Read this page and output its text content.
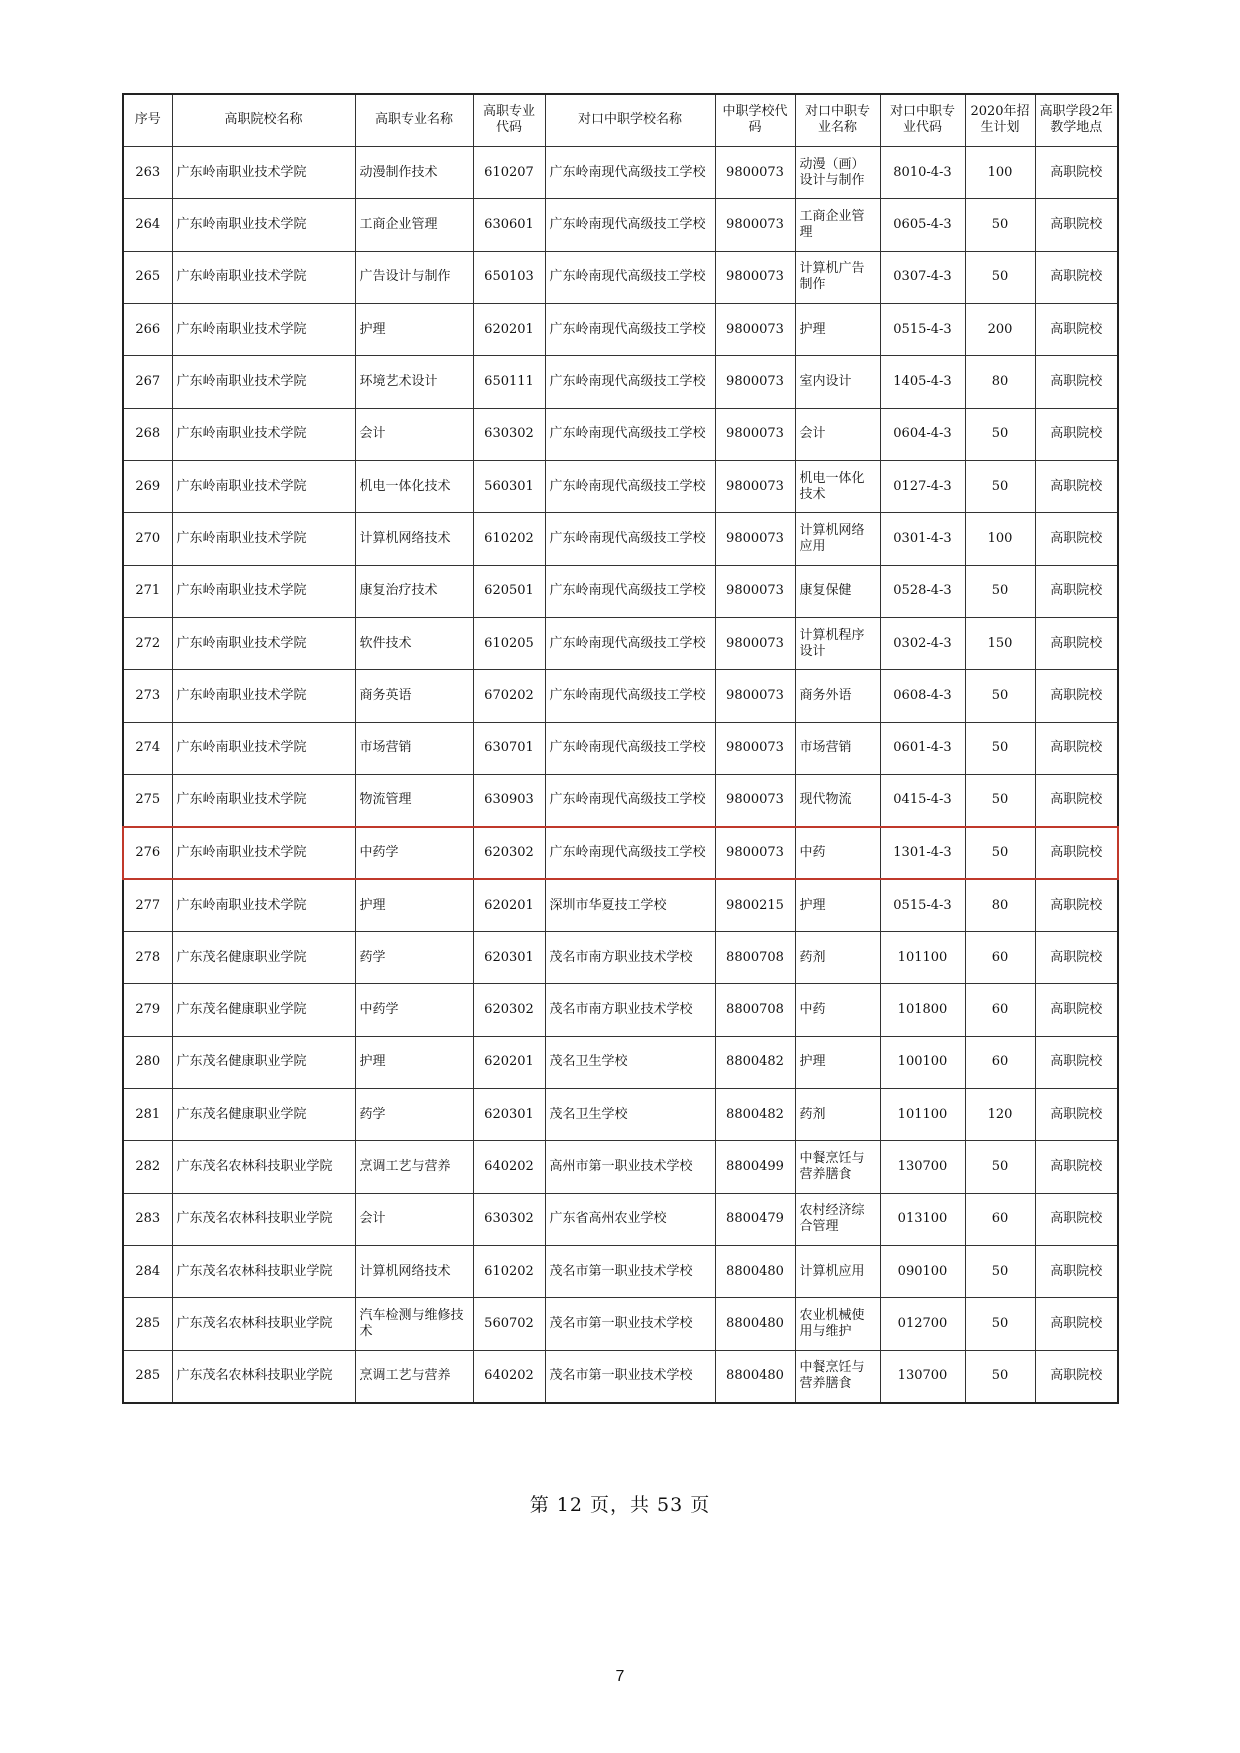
序号	高职院校名称	高职专业名称	高职专业代码	对口中职学校名称	中职学校代码	对口中职专业名称	对口中职专业代码	2020年招生计划	高职学段2年教学地点
263	广东岭南职业技术学院	动漫制作技术	610207	广东岭南现代高级技工学校	9800073	动漫（画）设计与制作	8010-4-3	100	高职院校
264	广东岭南职业技术学院	工商企业管理	630601	广东岭南现代高级技工学校	9800073	工商企业管理	0605-4-3	50	高职院校
265	广东岭南职业技术学院	广告设计与制作	650103	广东岭南现代高级技工学校	9800073	计算机广告制作	0307-4-3	50	高职院校
266	广东岭南职业技术学院	护理	620201	广东岭南现代高级技工学校	9800073	护理	0515-4-3	200	高职院校
267	广东岭南职业技术学院	环境艺术设计	650111	广东岭南现代高级技工学校	9800073	室内设计	1405-4-3	80	高职院校
268	广东岭南职业技术学院	会计	630302	广东岭南现代高级技工学校	9800073	会计	0604-4-3	50	高职院校
269	广东岭南职业技术学院	机电一体化技术	560301	广东岭南现代高级技工学校	9800073	机电一体化技术	0127-4-3	50	高职院校
270	广东岭南职业技术学院	计算机网络技术	610202	广东岭南现代高级技工学校	9800073	计算机网络应用	0301-4-3	100	高职院校
271	广东岭南职业技术学院	康复治疗技术	620501	广东岭南现代高级技工学校	9800073	康复保健	0528-4-3	50	高职院校
272	广东岭南职业技术学院	软件技术	610205	广东岭南现代高级技工学校	9800073	计算机程序设计	0302-4-3	150	高职院校
273	广东岭南职业技术学院	商务英语	670202	广东岭南现代高级技工学校	9800073	商务外语	0608-4-3	50	高职院校
274	广东岭南职业技术学院	市场营销	630701	广东岭南现代高级技工学校	9800073	市场营销	0601-4-3	50	高职院校
275	广东岭南职业技术学院	物流管理	630903	广东岭南现代高级技工学校	9800073	现代物流	0415-4-3	50	高职院校
276	广东岭南职业技术学院	中药学	620302	广东岭南现代高级技工学校	9800073	中药	1301-4-3	50	高职院校
277	广东岭南职业技术学院	护理	620201	深圳市华夏技工学校	9800215	护理	0515-4-3	80	高职院校
278	广东茂名健康职业学院	药学	620301	茂名市南方职业技术学校	8800708	药剂	101100	60	高职院校
279	广东茂名健康职业学院	中药学	620302	茂名市南方职业技术学校	8800708	中药	101800	60	高职院校
280	广东茂名健康职业学院	护理	620201	茂名卫生学校	8800482	护理	100100	60	高职院校
281	广东茂名健康职业学院	药学	620301	茂名卫生学校	8800482	药剂	101100	120	高职院校
282	广东茂名农林科技职业学院	烹调工艺与营养	640202	高州市第一职业技术学校	8800499	中餐烹饪与营养膳食	130700	50	高职院校
283	广东茂名农林科技职业学院	会计	630302	广东省高州农业学校	8800479	农村经济综合管理	013100	60	高职院校
284	广东茂名农林科技职业学院	计算机网络技术	610202	茂名市第一职业技术学校	8800480	计算机应用	090100	50	高职院校
285	广东茂名农林科技职业学院	汽车检测与维修技术	560702	茂名市第一职业技术学校	8800480	农业机械使用与维护	012700	50	高职院校
285	广东茂名农林科技职业学院	烹调工艺与营养	640202	茂名市第一职业技术学校	8800480	中餐烹饪与营养膳食	130700	50	高职院校
第 12 页，共 53 页
7
